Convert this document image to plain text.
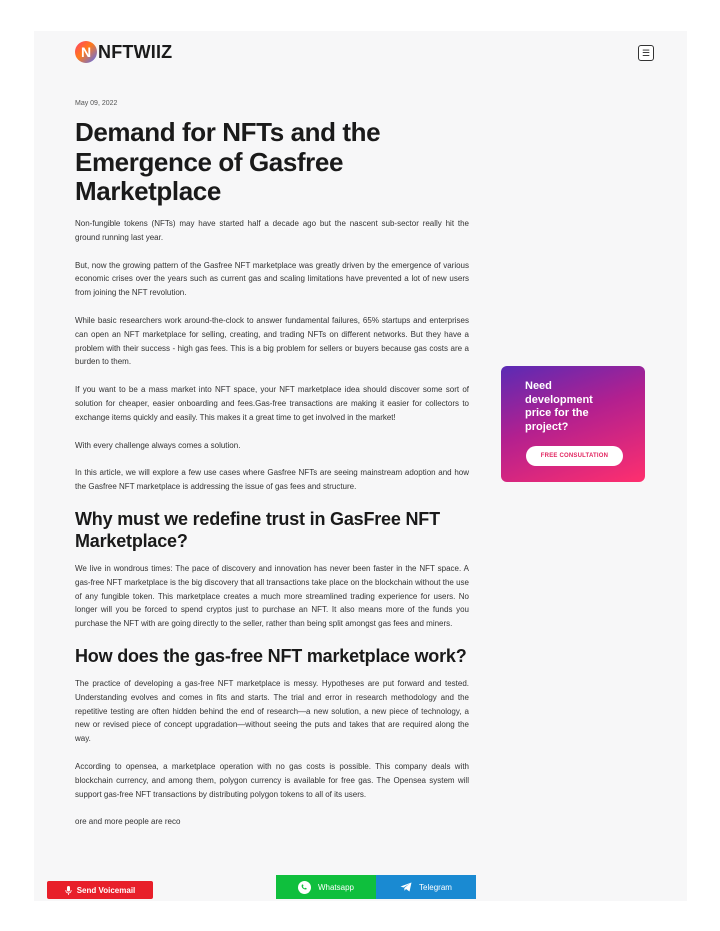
N NFTWIIZ	☰
May 09, 2022
Demand for NFTs and the Emergence of Gasfree Marketplace

Non-fungible tokens (NFTs) may have started half a decade ago but the nascent sub-sector really hit the ground running last year.

But, now the growing pattern of the Gasfree NFT marketplace was greatly driven by the emergence of various economic crises over the years such as current gas and scaling limitations have prevented a lot of new users from joining the NFT revolution.

While basic researchers work around-the-clock to answer fundamental failures, 65% startups and enterprises can open an NFT marketplace for selling, creating, and trading NFTs on different networks. But they have a problem with their success - high gas fees. This is a big problem for sellers or buyers because gas costs are a burden to them.

If you want to be a mass market into NFT space, your NFT marketplace idea should discover some sort of solution for cheaper, easier onboarding and fees.Gas-free transactions are making it easier for collectors to exchange items quickly and easily. This makes it a great time to get involved in the market!

With every challenge always comes a solution.

In this article, we will explore a few use cases where Gasfree NFTs are seeing mainstream adoption and how the Gasfree NFT marketplace is addressing the issue of gas fees and structure.

Why must we redefine trust in GasFree NFT Marketplace?

We live in wondrous times: The pace of discovery and innovation has never been faster in the NFT space. A gas-free NFT marketplace is the big discovery that all transactions take place on the blockchain without the use of any fungible token. This marketplace creates a much more streamlined trading experience for users. No longer will you be forced to spend cryptos just to purchase an NFT. It also means more of the funds you purchase the NFT with are going directly to the seller, rather than being split amongst gas fees and miners.

How does the gas-free NFT marketplace work?

The practice of developing a gas-free NFT marketplace is messy. Hypotheses are put forward and tested. Understanding evolves and comes in fits and starts. The trial and error in research methodology and the repetitive testing are often hidden behind the end of research—a new solution, a new piece of technology, a new or revised piece of concept upgradation—without seeing the puts and takes that are required along the way.

According to opensea, a marketplace operation with no gas costs is possible. This company deals with blockchain currency, and among them, polygon currency is available for free gas. The Opensea system will support gas-free NFT transactions by distributing polygon tokens to all of its users.

ore and more people are reco

Need
development
price for the
project?
FREE CONSULTATION
Send Voicemail	Whatsapp	Telegram
